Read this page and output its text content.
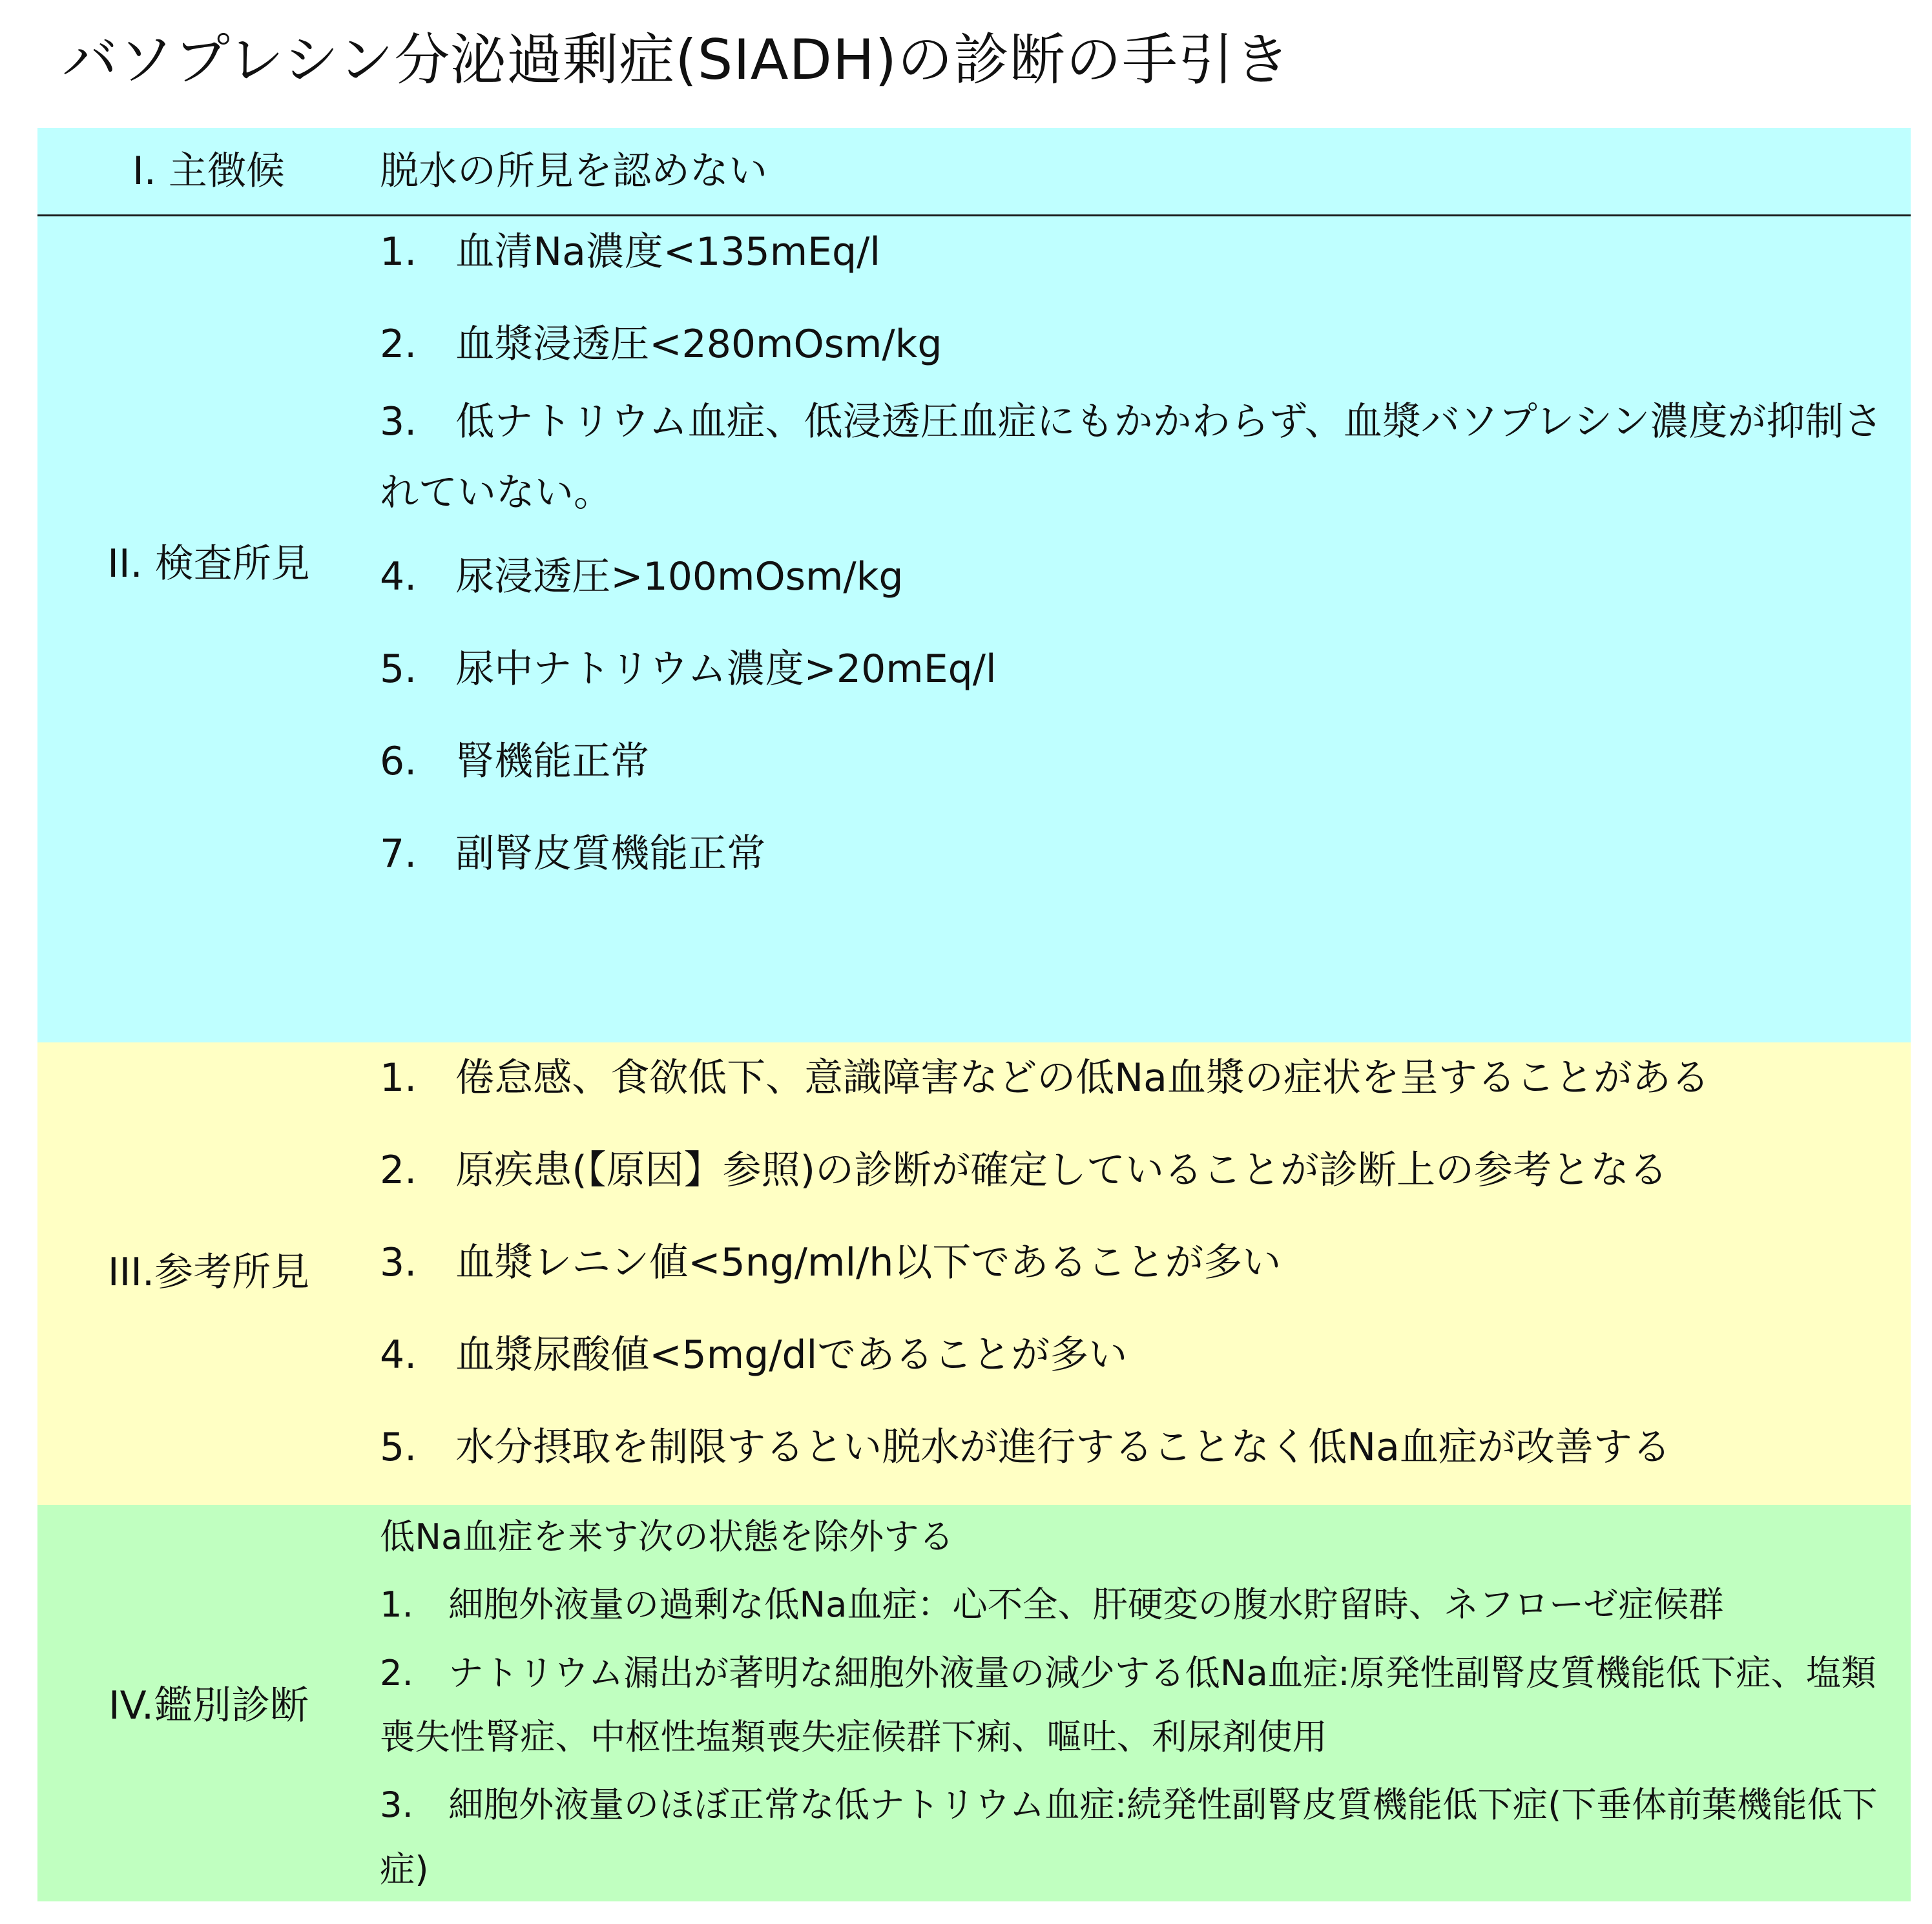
バソプレシン分泌過剰症(SIADH)の診断の手引き
I. 主徴候	脱水の所見を認めない
II. 検査所見
1.　血清Na濃度<135mEq/l
2.　血漿浸透圧<280mOsm/kg
3.　低ナトリウム血症、低浸透圧血症にもかかわらず、血漿バソプレシン濃度が抑制されていない。
4.　尿浸透圧>100mOsm/kg
5.　尿中ナトリウム濃度>20mEq/l
6.　腎機能正常
7.　副腎皮質機能正常
III.参考所見
1.　倦怠感、食欲低下、意識障害などの低Na血漿の症状を呈することがある
2.　原疾患(【原因】参照)の診断が確定していることが診断上の参考となる
3.　血漿レニン値<5ng/ml/h以下であることが多い
4.　血漿尿酸値<5mg/dlであることが多い
5.　水分摂取を制限するとい脱水が進行することなく低Na血症が改善する
IV.鑑別診断
低Na血症を来す次の状態を除外する
1.　細胞外液量の過剰な低Na血症：心不全、肝硬変の腹水貯留時、ネフローゼ症候群
2.　ナトリウム漏出が著明な細胞外液量の減少する低Na血症:原発性副腎皮質機能低下症、塩類喪失性腎症、中枢性塩類喪失症候群下痢、嘔吐、利尿剤使用
3.　細胞外液量のほぼ正常な低ナトリウム血症:続発性副腎皮質機能低下症(下垂体前葉機能低下症)
